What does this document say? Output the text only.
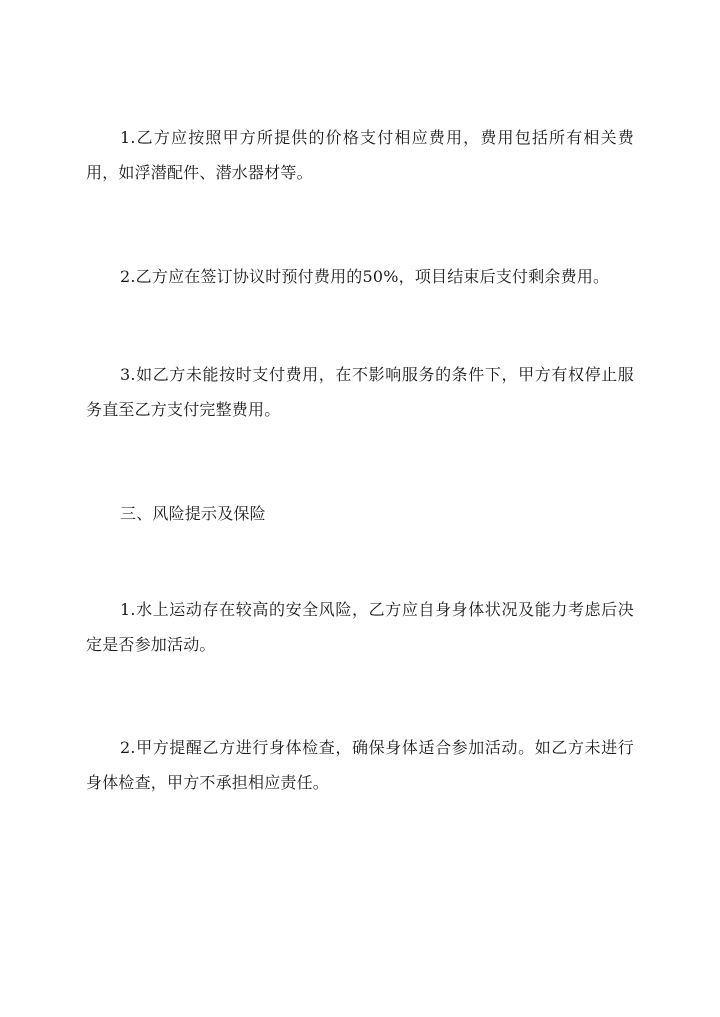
1.乙方应按照甲方所提供的价格支付相应费用，费用包括所有相关费用，如浮潜配件、潜水器材等。

2.乙方应在签订协议时预付费用的50%，项目结束后支付剩余费用。

3.如乙方未能按时支付费用，在不影响服务的条件下，甲方有权停止服务直至乙方支付完整费用。

三、风险提示及保险

1.水上运动存在较高的安全风险，乙方应自身身体状况及能力考虑后决定是否参加活动。

2.甲方提醒乙方进行身体检查，确保身体适合参加活动。如乙方未进行身体检查，甲方不承担相应责任。
